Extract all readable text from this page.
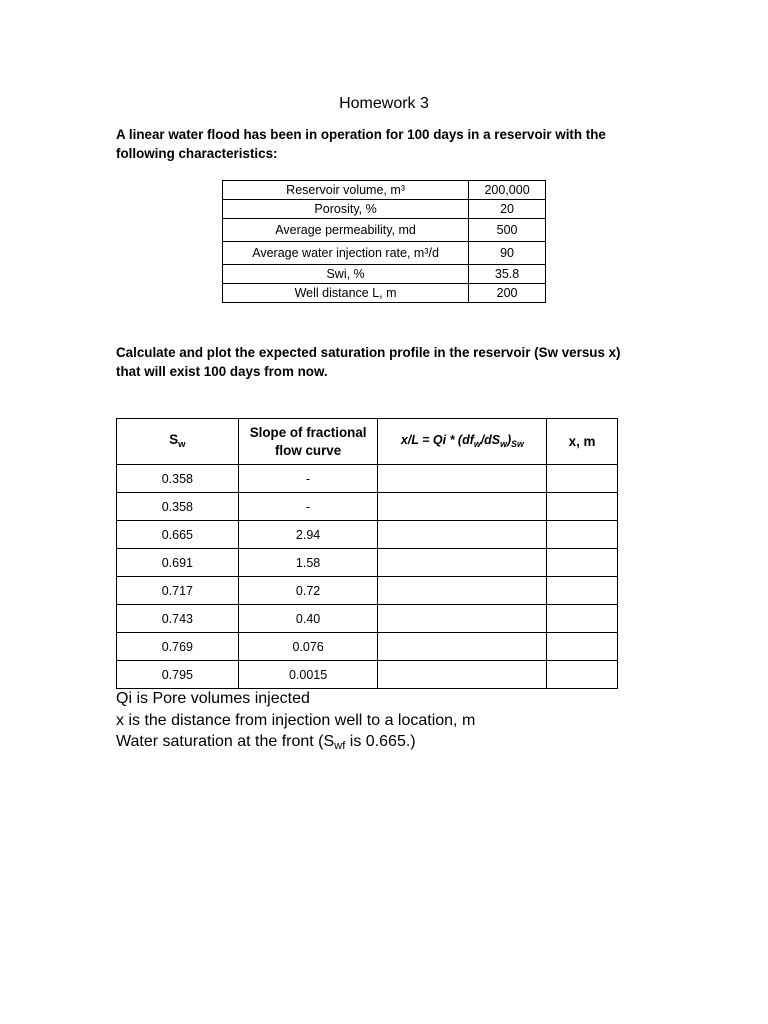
Homework 3
A linear water flood has been in operation for 100 days in a reservoir with the following characteristics:
Reservoir volume, m³	200,000
Porosity, %	20
Average permeability, md	500
Average water injection rate, m³/d	90
Swi, %	35.8
Well distance L, m	200
Calculate and plot the expected saturation profile in the reservoir (Sw versus x) that will exist 100 days from now.
$S_w$	Slope of fractional flow curve	$x/L = Qi * (df_w/dS_w)_{Sw}$	x, m
0.358	-		
0.358	-		
0.665	2.94		
0.691	1.58		
0.717	0.72		
0.743	0.40		
0.769	0.076		
0.795	0.0015		
Qi is Pore volumes injected
x is the distance from injection well to a location, m
Water saturation at the front ($S_{wf}$ is 0.665.)
